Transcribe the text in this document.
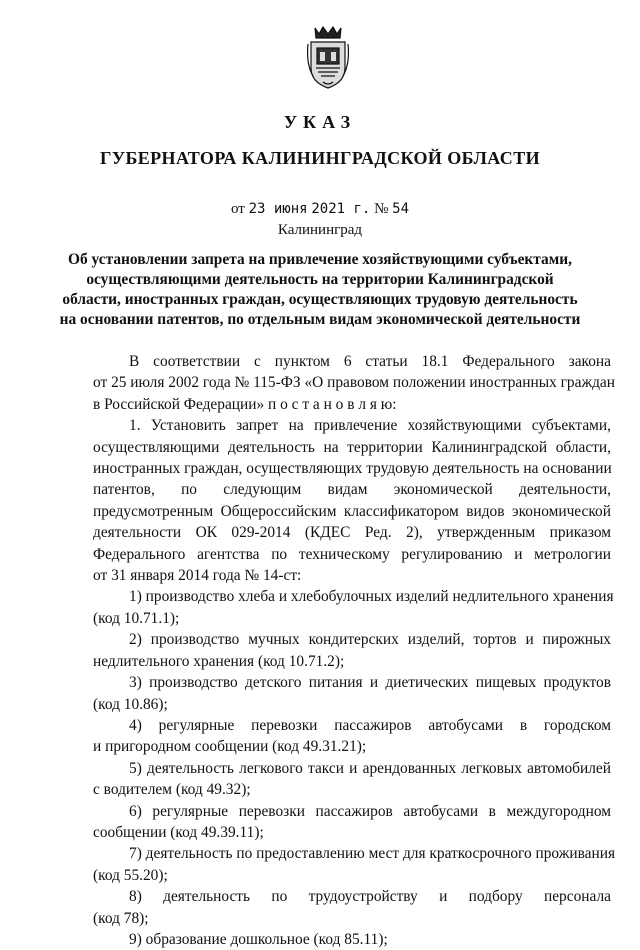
УКАЗ
ГУБЕРНАТОРА КАЛИНИНГРАДСКОЙ ОБЛАСТИ
от 23 июня 2021 г. № 54
Калининград
Об установлении запрета на привлечение хозяйствующими субъектами,
осуществляющими деятельность на территории Калининградской
области, иностранных граждан, осуществляющих трудовую деятельность
на основании патентов, по отдельным видам экономической деятельности
В соответствии с пунктом 6 статьи 18.1 Федерального закона
от 25 июля 2002 года № 115-ФЗ «О правовом положении иностранных граждан
в Российской Федерации» п о с т а н о в л я ю:
1. Установить запрет на привлечение хозяйствующими субъектами,
осуществляющими деятельность на территории Калининградской области,
иностранных граждан, осуществляющих трудовую деятельность на основании
патентов, по следующим видам экономической деятельности,
предусмотренным Общероссийским классификатором видов экономической
деятельности ОК 029-2014 (КДЕС Ред. 2), утвержденным приказом
Федерального агентства по техническому регулированию и метрологии
от 31 января 2014 года № 14-ст:
1) производство хлеба и хлебобулочных изделий недлительного хранения
(код 10.71.1);
2) производство мучных кондитерских изделий, тортов и пирожных
недлительного хранения (код 10.71.2);
3) производство детского питания и диетических пищевых продуктов
(код 10.86);
4) регулярные перевозки пассажиров автобусами в городском
и пригородном сообщении (код 49.31.21);
5) деятельность легкового такси и арендованных легковых автомобилей
с водителем (код 49.32);
6) регулярные перевозки пассажиров автобусами в междугородном
сообщении (код 49.39.11);
7) деятельность по предоставлению мест для краткосрочного проживания
(код 55.20);
8) деятельность по трудоустройству и подбору персонала
(код 78);
9) образование дошкольное (код 85.11);
